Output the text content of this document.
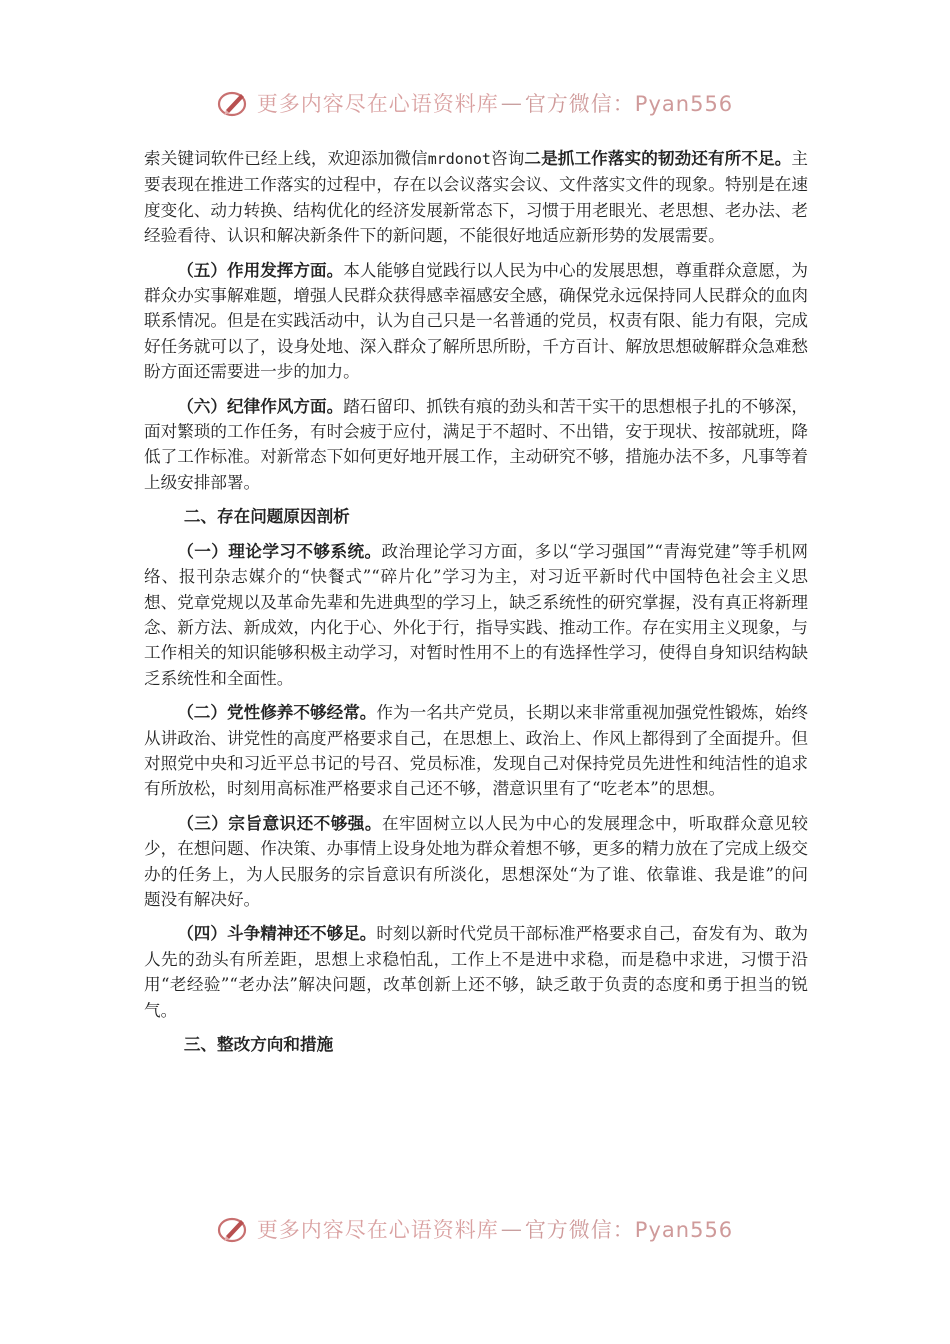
更多内容尽在心语资料库 — 官方微信：Pyan556

索关键词软件已经上线，欢迎添加微信mrdonot咨询二是抓工作落实的韧劲还有所不足。主要表现在推进工作落实的过程中，存在以会议落实会议、文件落实文件的现象。特别是在速度变化、动力转换、结构优化的经济发展新常态下，习惯于用老眼光、老思想、老办法、老经验看待、认识和解决新条件下的新问题，不能很好地适应新形势的发展需要。

（五）作用发挥方面。本人能够自觉践行以人民为中心的发展思想，尊重群众意愿，为群众办实事解难题，增强人民群众获得感幸福感安全感，确保党永远保持同人民群众的血肉联系情况。但是在实践活动中，认为自己只是一名普通的党员，权责有限、能力有限，完成好任务就可以了，设身处地、深入群众了解所思所盼，千方百计、解放思想破解群众急难愁盼方面还需要进一步的加力。

（六）纪律作风方面。踏石留印、抓铁有痕的劲头和苦干实干的思想根子扎的不够深，面对繁琐的工作任务，有时会疲于应付，满足于不超时、不出错，安于现状、按部就班，降低了工作标准。对新常态下如何更好地开展工作，主动研究不够，措施办法不多，凡事等着上级安排部署。

二、存在问题原因剖析

（一）理论学习不够系统。政治理论学习方面，多以“学习强国”“青海党建”等手机网络、报刊杂志媒介的“快餐式”“碎片化”学习为主，对习近平新时代中国特色社会主义思想、党章党规以及革命先辈和先进典型的学习上，缺乏系统性的研究掌握，没有真正将新理念、新方法、新成效，内化于心、外化于行，指导实践、推动工作。存在实用主义现象，与工作相关的知识能够积极主动学习，对暂时性用不上的有选择性学习，使得自身知识结构缺乏系统性和全面性。

（二）党性修养不够经常。作为一名共产党员，长期以来非常重视加强党性锻炼，始终从讲政治、讲党性的高度严格要求自己，在思想上、政治上、作风上都得到了全面提升。但对照党中央和习近平总书记的号召、党员标准，发现自己对保持党员先进性和纯洁性的追求有所放松，时刻用高标准严格要求自己还不够，潜意识里有了“吃老本”的思想。

（三）宗旨意识还不够强。在牢固树立以人民为中心的发展理念中，听取群众意见较少，在想问题、作决策、办事情上设身处地为群众着想不够，更多的精力放在了完成上级交办的任务上，为人民服务的宗旨意识有所淡化，思想深处“为了谁、依靠谁、我是谁”的问题没有解决好。

（四）斗争精神还不够足。时刻以新时代党员干部标准严格要求自己，奋发有为、敢为人先的劲头有所差距，思想上求稳怕乱，工作上不是进中求稳，而是稳中求进，习惯于沿用“老经验”“老办法”解决问题，改革创新上还不够，缺乏敢于负责的态度和勇于担当的锐气。

三、整改方向和措施

更多内容尽在心语资料库 — 官方微信：Pyan556
